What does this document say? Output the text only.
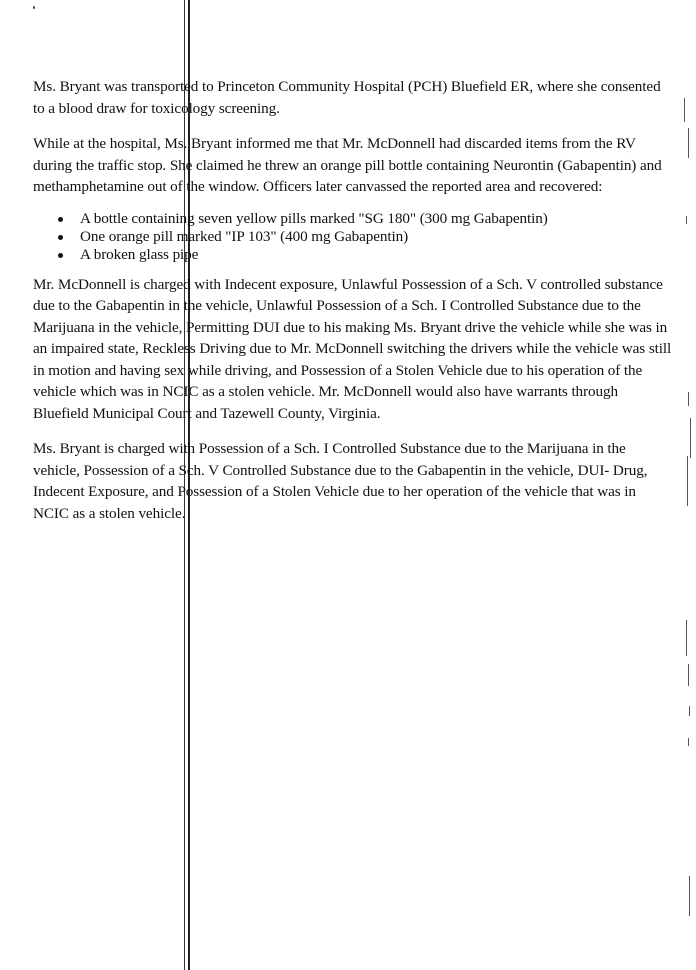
Ms. Bryant was transported to Princeton Community Hospital (PCH) Bluefield ER, where she consented to a blood draw for toxicology screening.

While at the hospital, Ms. Bryant informed me that Mr. McDonnell had discarded items from the RV during the traffic stop. She claimed he threw an orange pill bottle containing Neurontin (Gabapentin) and methamphetamine out of the window. Officers later canvassed the reported area and recovered:

A bottle containing seven yellow pills marked "SG 180" (300 mg Gabapentin)
One orange pill marked "IP 103" (400 mg Gabapentin)
A broken glass pipe

Mr. McDonnell is charged with Indecent exposure, Unlawful Possession of a Sch. V controlled substance due to the Gabapentin in the vehicle, Unlawful Possession of a Sch. I Controlled Substance due to the Marijuana in the vehicle, Permitting DUI due to his making Ms. Bryant drive the vehicle while she was in an impaired state, Reckless Driving due to Mr. McDonnell switching the drivers while the vehicle was still in motion and having sex while driving, and Possession of a Stolen Vehicle due to his operation of the vehicle which was in NCIC as a stolen vehicle. Mr. McDonnell would also have warrants through Bluefield Municipal Court and Tazewell County, Virginia.

Ms. Bryant is charged with Possession of a Sch. I Controlled Substance due to the Marijuana in the vehicle, Possession of a Sch. V Controlled Substance due to the Gabapentin in the vehicle, DUI- Drug, Indecent Exposure, and Possession of a Stolen Vehicle due to her operation of the vehicle that was in NCIC as a stolen vehicle.
